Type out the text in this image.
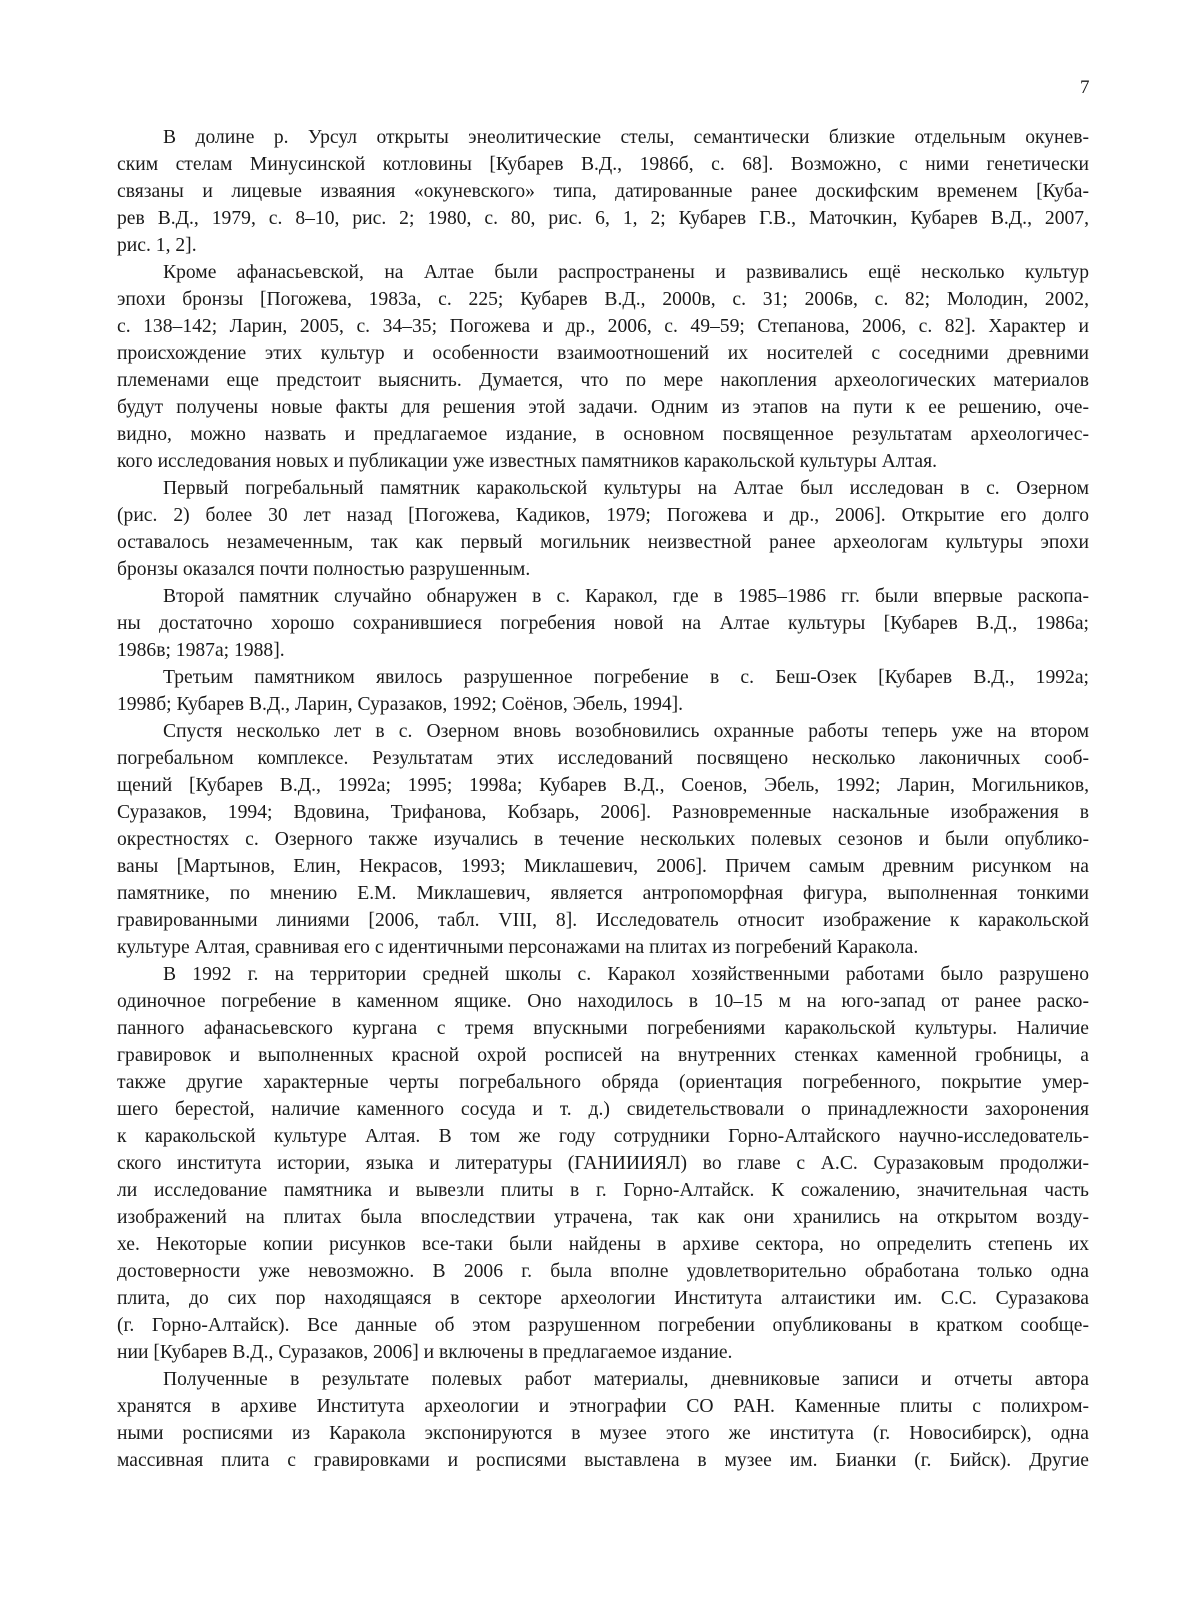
7
В долине р. Урсул открыты энеолитические стелы, семантически близкие отдельным окунев-
ским стелам Минусинской котловины [Кубарев В.Д., 1986б, с. 68]. Возможно, с ними генетически
связаны и лицевые изваяния «окуневского» типа, датированные ранее доскифским временем [Куба-
рев В.Д., 1979, с. 8–10, рис. 2; 1980, с. 80, рис. 6, 1, 2; Кубарев Г.В., Маточкин, Кубарев В.Д., 2007,
рис. 1, 2].
Кроме афанасьевской, на Алтае были распространены и развивались ещё несколько культур
эпохи бронзы [Погожева, 1983а, с. 225; Кубарев В.Д., 2000в, с. 31; 2006в, с. 82; Молодин, 2002,
с. 138–142; Ларин, 2005, с. 34–35; Погожева и др., 2006, с. 49–59; Степанова, 2006, с. 82]. Характер и
происхождение этих культур и особенности взаимоотношений их носителей с соседними древними
племенами еще предстоит выяснить. Думается, что по мере накопления археологических материалов
будут получены новые факты для решения этой задачи. Одним из этапов на пути к ее решению, оче-
видно, можно назвать и предлагаемое издание, в основном посвященное результатам археологичес-
кого исследования новых и публикации уже известных памятников каракольской культуры Алтая.
Первый погребальный памятник каракольской культуры на Алтае был исследован в с. Озерном
(рис. 2) более 30 лет назад [Погожева, Кадиков, 1979; Погожева и др., 2006]. Открытие его долго
оставалось незамеченным, так как первый могильник неизвестной ранее археологам культуры эпохи
бронзы оказался почти полностью разрушенным.
Второй памятник случайно обнаружен в с. Каракол, где в 1985–1986 гг. были впервые раскопа-
ны достаточно хорошо сохранившиеся погребения новой на Алтае культуры [Кубарев В.Д., 1986а;
1986в; 1987а; 1988].
Третьим памятником явилось разрушенное погребение в с. Беш-Озек [Кубарев В.Д., 1992а;
1998б; Кубарев В.Д., Ларин, Суразаков, 1992; Соёнов, Эбель, 1994].
Спустя несколько лет в с. Озерном вновь возобновились охранные работы теперь уже на втором
погребальном комплексе. Результатам этих исследований посвящено несколько лаконичных сооб-
щений [Кубарев В.Д., 1992а; 1995; 1998а; Кубарев В.Д., Соенов, Эбель, 1992; Ларин, Могильников,
Суразаков, 1994; Вдовина, Трифанова, Кобзарь, 2006]. Разновременные наскальные изображения в
окрестностях с. Озерного также изучались в течение нескольких полевых сезонов и были опублико-
ваны [Мартынов, Елин, Некрасов, 1993; Миклашевич, 2006]. Причем самым древним рисунком на
памятнике, по мнению Е.М. Миклашевич, является антропоморфная фигура, выполненная тонкими
гравированными линиями [2006, табл. VIII, 8]. Исследователь относит изображение к каракольской
культуре Алтая, сравнивая его с идентичными персонажами на плитах из погребений Каракола.
В 1992 г. на территории средней школы с. Каракол хозяйственными работами было разрушено
одиночное погребение в каменном ящике. Оно находилось в 10–15 м на юго-запад от ранее раско-
панного афанасьевского кургана с тремя впускными погребениями каракольской культуры. Наличие
гравировок и выполненных красной охрой росписей на внутренних стенках каменной гробницы, а
также другие характерные черты погребального обряда (ориентация погребенного, покрытие умер-
шего берестой, наличие каменного сосуда и т. д.) свидетельствовали о принадлежности захоронения
к каракольской культуре Алтая. В том же году сотрудники Горно-Алтайского научно-исследователь-
ского института истории, языка и литературы (ГАНИИИЯЛ) во главе с А.С. Суразаковым продолжи-
ли исследование памятника и вывезли плиты в г. Горно-Алтайск. К сожалению, значительная часть
изображений на плитах была впоследствии утрачена, так как они хранились на открытом возду-
хе. Некоторые копии рисунков все-таки были найдены в архиве сектора, но определить степень их
достоверности уже невозможно. В 2006 г. была вполне удовлетворительно обработана только одна
плита, до сих пор находящаяся в секторе археологии Института алтаистики им. С.С. Суразакова
(г. Горно-Алтайск). Все данные об этом разрушенном погребении опубликованы в кратком сообще-
нии [Кубарев В.Д., Суразаков, 2006] и включены в предлагаемое издание.
Полученные в результате полевых работ материалы, дневниковые записи и отчеты автора
хранятся в архиве Института археологии и этнографии СО РАН. Каменные плиты с полихром-
ными росписями из Каракола экспонируются в музее этого же института (г. Новосибирск), одна
массивная плита с гравировками и росписями выставлена в музее им. Бианки (г. Бийск). Другие
